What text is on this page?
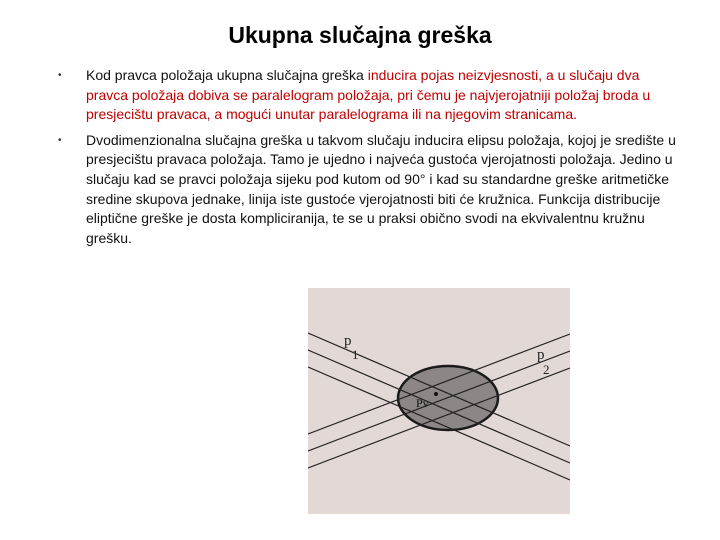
Ukupna slučajna greška
• Kod pravca položaja ukupna slučajna greška inducira pojas neizvjesnosti, a u slučaju dva pravca položaja dobiva se paralelogram položaja, pri čemu je najvjerojatniji položaj broda u presjecištu pravaca, a mogući unutar paralelograma ili na njegovim stranicama.
• Dvodimenzionalna slučajna greška u takvom slučaju inducira elipsu položaja, kojoj je središte u presjecištu pravaca položaja. Tamo je ujedno i najveća gustoća vjerojatnosti položaja. Jedino u slučaju kad se pravci položaja sijeku pod kutom od 90° i kad su standardne greške aritmetičke sredine skupova jednake, linija iste gustoće vjerojatnosti biti će kružnica. Funkcija distribucije eliptične greške je dosta kompliciranija, te se u praksi obično svodi na ekvivalentnu kružnu grešku.
p
1	p
2
Pv
